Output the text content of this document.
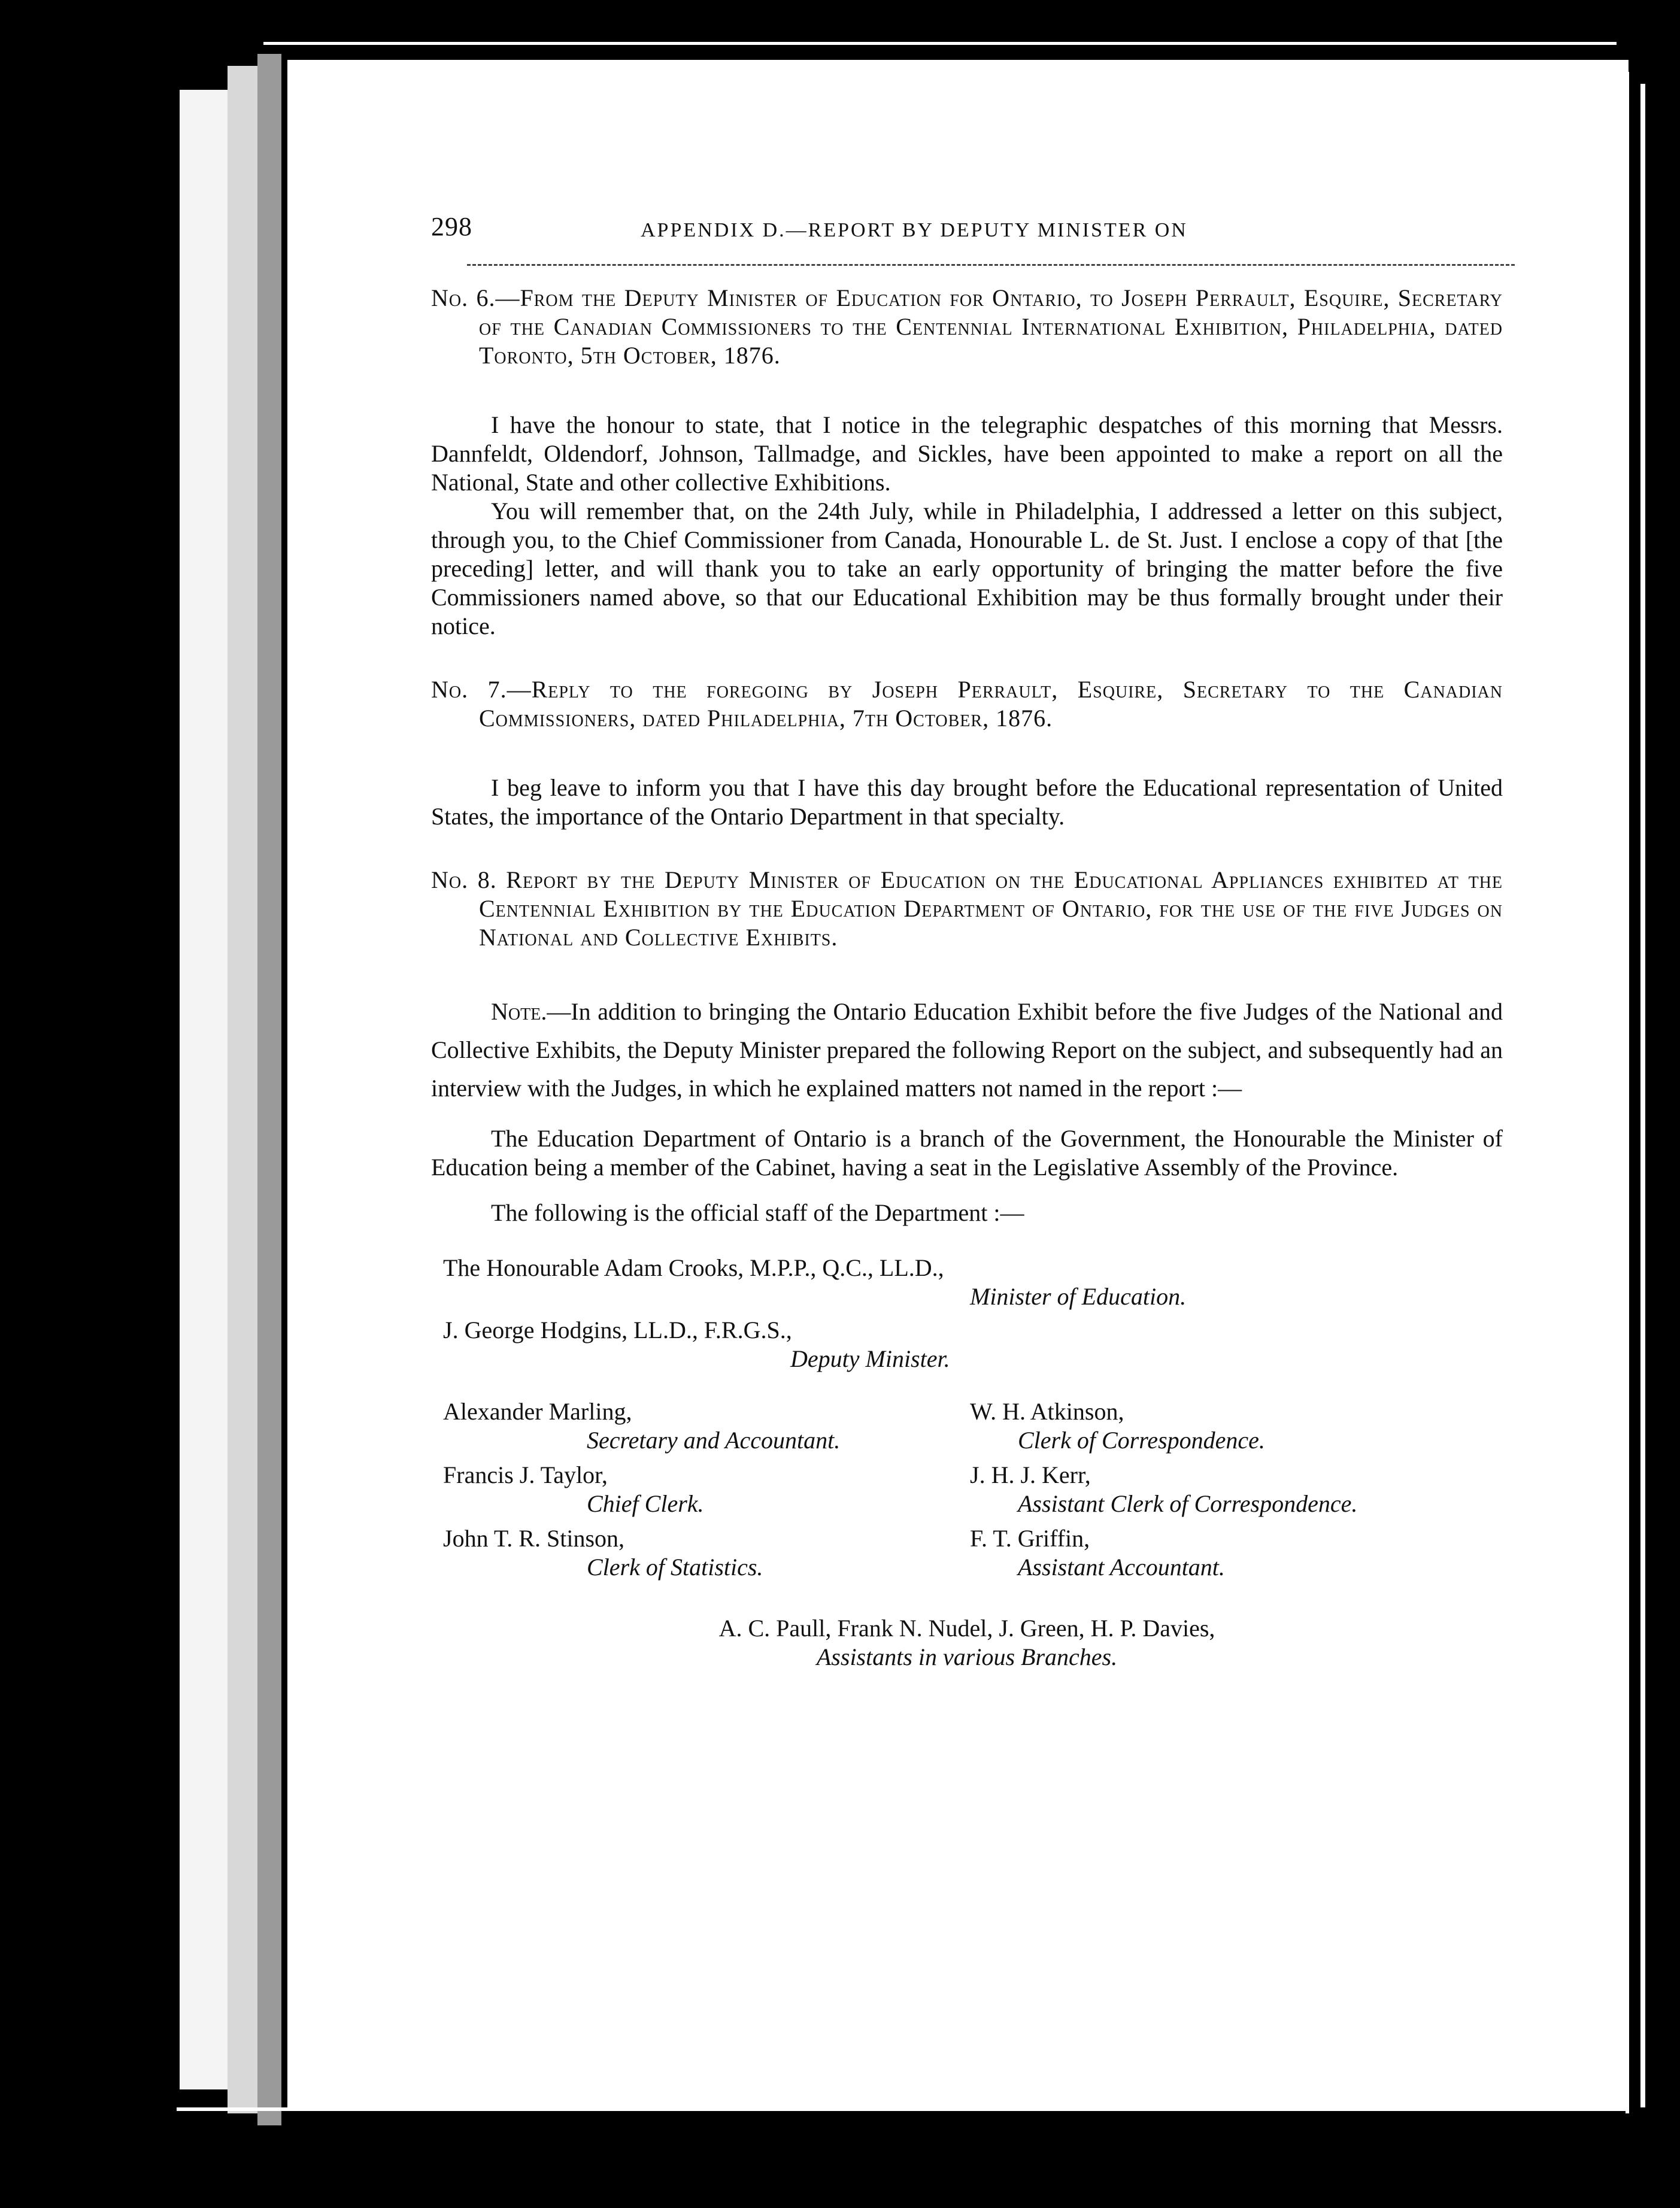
298	APPENDIX D.—REPORT BY DEPUTY MINISTER ON

No. 6.—From the Deputy Minister of Education for Ontario, to Joseph Perrault, Esquire, Secretary of the Canadian Commissioners to the Centennial International Exhibition, Philadelphia, dated Toronto, 5th October, 1876.

I have the honour to state, that I notice in the telegraphic despatches of this morning that Messrs. Dannfeldt, Oldendorf, Johnson, Tallmadge, and Sickles, have been appointed to make a report on all the National, State and other collective Exhibitions.

You will remember that, on the 24th July, while in Philadelphia, I addressed a letter on this subject, through you, to the Chief Commissioner from Canada, Honourable L. de St. Just. I enclose a copy of that [the preceding] letter, and will thank you to take an early opportunity of bringing the matter before the five Commissioners named above, so that our Educational Exhibition may be thus formally brought under their notice.

No. 7.—Reply to the foregoing by Joseph Perrault, Esquire, Secretary to the Canadian Commissioners, dated Philadelphia, 7th October, 1876.

I beg leave to inform you that I have this day brought before the Educational representation of United States, the importance of the Ontario Department in that specialty.

No. 8. Report by the Deputy Minister of Education on the Educational Appliances exhibited at the Centennial Exhibition by the Education Department of Ontario, for the use of the five Judges on National and Collective Exhibits.

Note.—In addition to bringing the Ontario Education Exhibit before the five Judges of the National and Collective Exhibits, the Deputy Minister prepared the following Report on the subject, and subsequently had an interview with the Judges, in which he explained matters not named in the report :—

The Education Department of Ontario is a branch of the Government, the Honourable the Minister of Education being a member of the Cabinet, having a seat in the Legislative Assembly of the Province.

The following is the official staff of the Department :—

The Honourable Adam Crooks, M.P.P., Q.C., LL.D.,

Minister of Education.

J. George Hodgins, LL.D., F.R.G.S.,

Deputy Minister.

Alexander Marling,
Secretary and Accountant.
W. H. Atkinson,
Clerk of Correspondence.
Francis J. Taylor,
Chief Clerk.
J. H. J. Kerr,
Assistant Clerk of Correspondence.
John T. R. Stinson,
Clerk of Statistics.
F. T. Griffin,
Assistant Accountant.
A. C. Paull, Frank N. Nudel, J. Green, H. P. Davies,
Assistants in various Branches.
